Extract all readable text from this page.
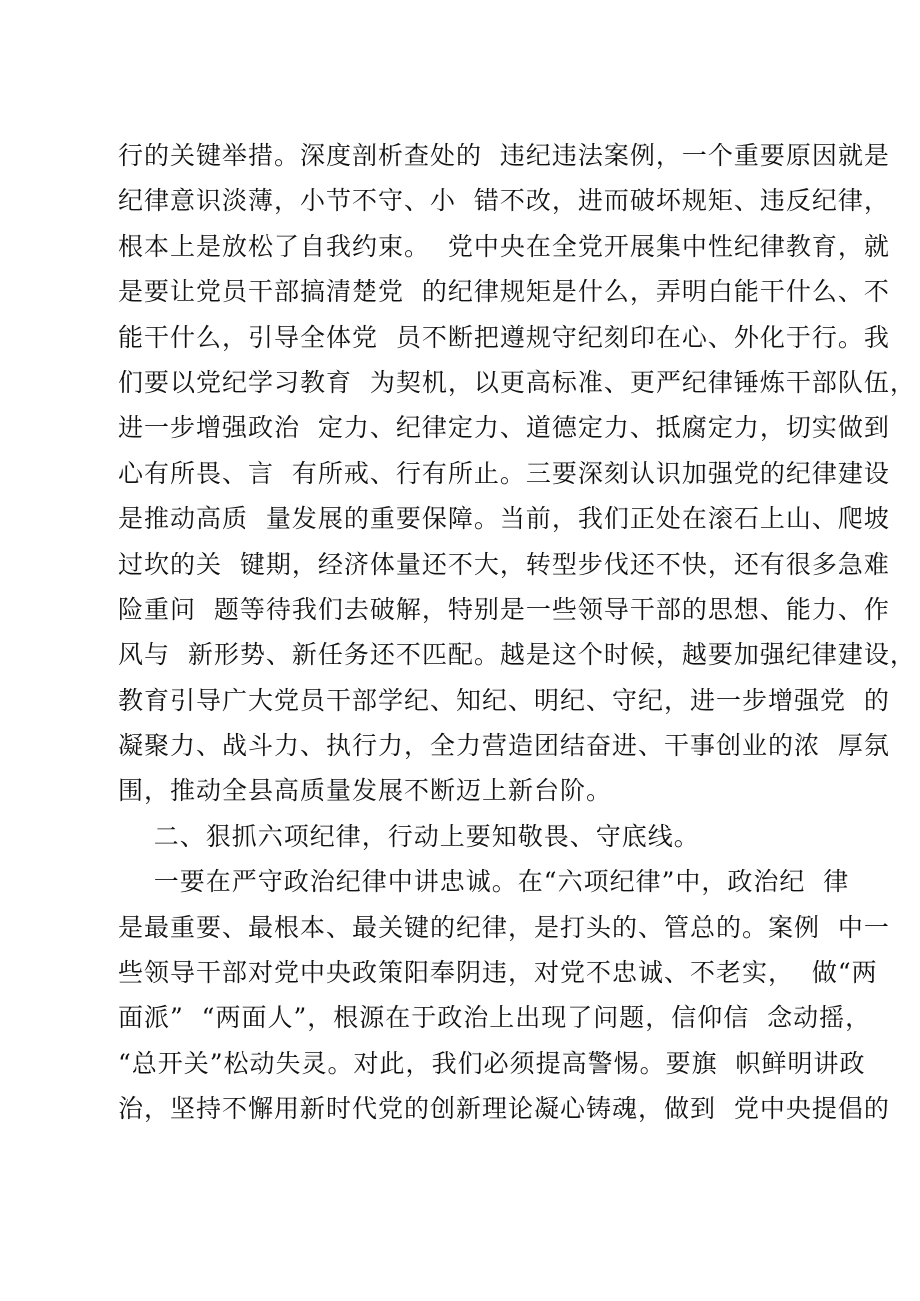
行的关键举措。深度剖析查处的  违纪违法案例，一个重要原因就是
纪律意识淡薄，小节不守、小  错不改，进而破坏规矩、违反纪律，
根本上是放松了自我约束。  党中央在全党开展集中性纪律教育，就
是要让党员干部搞清楚党  的纪律规矩是什么，弄明白能干什么、不
能干什么，引导全体党  员不断把遵规守纪刻印在心、外化于行。我
们要以党纪学习教育  为契机，以更高标准、更严纪律锤炼干部队伍，
进一步增强政治  定力、纪律定力、道德定力、抵腐定力，切实做到
心有所畏、言  有所戒、行有所止。三要深刻认识加强党的纪律建设
是推动高质  量发展的重要保障。当前，我们正处在滚石上山、爬坡
过坎的关  键期，经济体量还不大，转型步伐还不快，还有很多急难
险重问  题等待我们去破解，特别是一些领导干部的思想、能力、作
风与  新形势、新任务还不匹配。越是这个时候，越要加强纪律建设，
教育引导广大党员干部学纪、知纪、明纪、守纪，进一步增强党  的
凝聚力、战斗力、执行力，全力营造团结奋进、干事创业的浓  厚氛
围，推动全县高质量发展不断迈上新台阶。
二、狠抓六项纪律，行动上要知敬畏、守底线。
一要在严守政治纪律中讲忠诚。在“六项纪律”中，政治纪  律
是最重要、最根本、最关键的纪律，是打头的、管总的。案例  中一
些领导干部对党中央政策阳奉阴违，对党不忠诚、不老实，  做“两
面派”  “两面人”，根源在于政治上出现了问题，信仰信  念动摇，
“总开关”松动失灵。对此，我们必须提高警惕。要旗  帜鲜明讲政
治，坚持不懈用新时代党的创新理论凝心铸魂，做到  党中央提倡的
